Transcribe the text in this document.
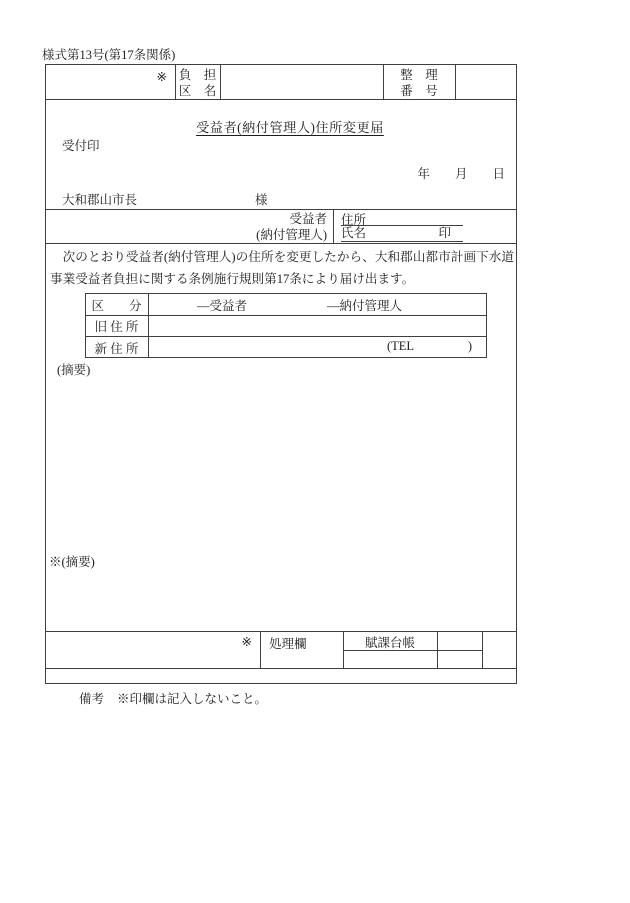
様式第13号(第17条関係)
※ 負　担
区　名
整　理
番　号
受益者(納付管理人)住所変更届
受付印
年　　月　　日
大和郡山市長	様
受益者
(納付管理人)
住所
氏名	印
　次のとおり受益者(納付管理人)の住所を変更したから、大和郡山都市計画下水道事業受益者負担に関する条例施行規則第17条により届け出ます。
区　　分	―受益者	―納付管理人
旧 住 所
新 住 所	(TEL	)
(摘要)
※(摘要)
※ 処理欄	賦課台帳
備考 ※印欄は記入しないこと。
